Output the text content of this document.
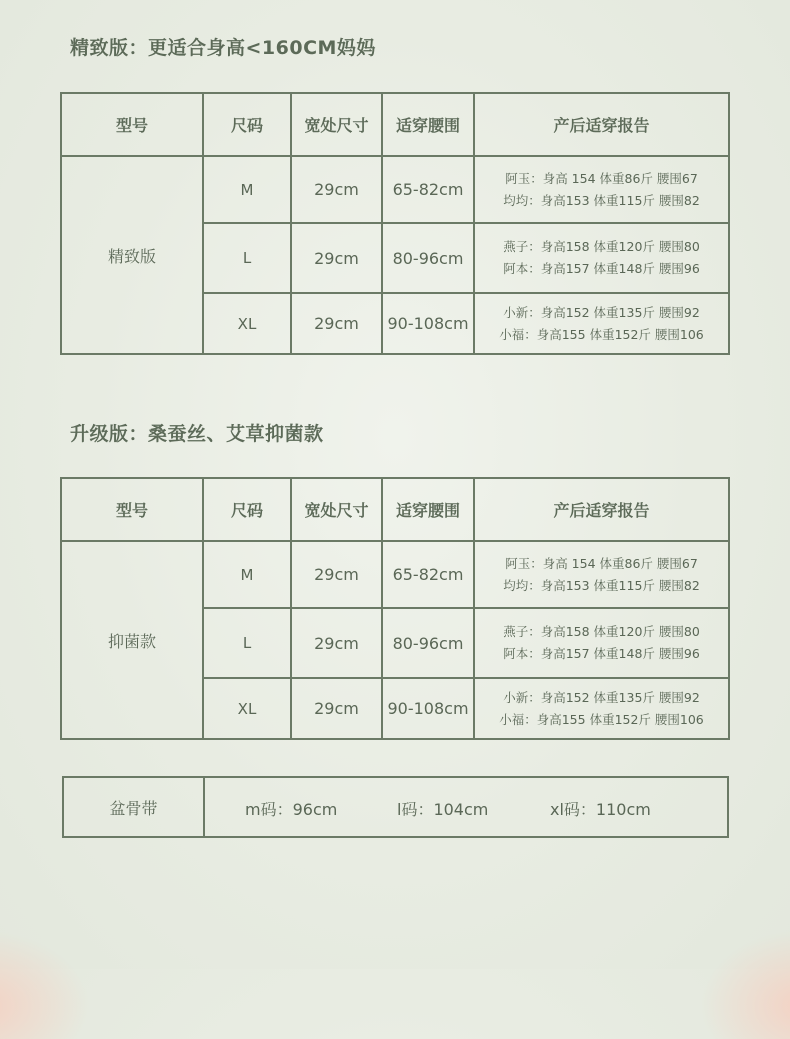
精致版：更适合身高<160CM妈妈
型号	尺码	宽处尺寸	适穿腰围	产后适穿报告
精致版	M	29cm	65-82cm	阿玉：身高 154 体重86斤 腰围67
均均：身高153 体重115斤 腰围82

	L	29cm	80-96cm	燕子：身高158 体重120斤 腰围80
阿本：身高157 体重148斤 腰围96

	XL	29cm	90-108cm	小新：身高152 体重135斤 腰围92
小福：身高155 体重152斤 腰围106
升级版：桑蚕丝、艾草抑菌款
型号	尺码	宽处尺寸	适穿腰围	产后适穿报告
抑菌款	M	29cm	65-82cm	阿玉：身高 154 体重86斤 腰围67
均均：身高153 体重115斤 腰围82

	L	29cm	80-96cm	燕子：身高158 体重120斤 腰围80
阿本：身高157 体重148斤 腰围96

	XL	29cm	90-108cm	小新：身高152 体重135斤 腰围92
小福：身高155 体重152斤 腰围106
盆骨带	m码：96cm	l码：104cm	xl码：110cm
